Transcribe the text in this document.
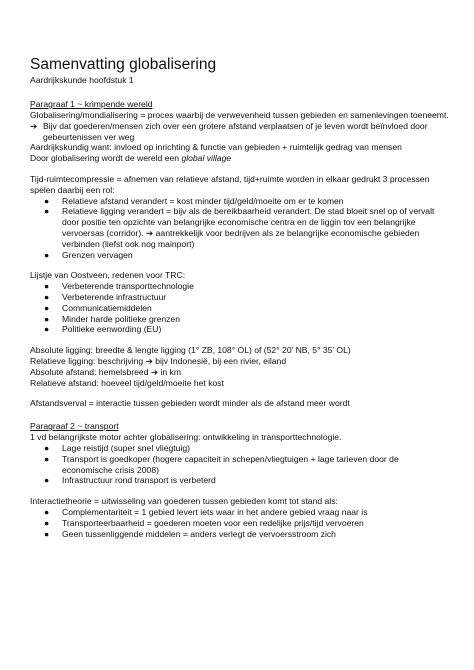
Samenvatting globalisering

Aardrijkskunde hoofdstuk 1

Paragraaf 1 ~ krimpende wereld

Globalisering/mondialisering = proces waarbij de verwevenheid tussen gebieden en samenlevingen toeneemt.

➔ Bijv dat goederen/mensen zich over een grotere afstand verplaatsen of je leven wordt beïnvloed door gebeurtenissen ver weg

Aardrijkskundig want: invloed op inrichting & functie van gebieden + ruimtelijk gedrag van mensen

Door globalisering wordt de wereld een global village

Tijd-ruimtecompressie = afnemen van relatieve afstand, tijd+ruimte worden in elkaar gedrukt 3 processen spelen daarbij een rol:

● Relatieve afstand verandert = kost minder tijd/geld/moeite om er te komen
● Relatieve ligging verandert = bijv als de bereikbaarheid verandert. De stad bloeit snel op of vervalt door positie ten opzichte van belangrijke economische centra en de liggin tov een belangrijke vervoersas (corridor). ➔ aantrekkelijk voor bedrijven als ze belangrijke economische gebieden verbinden (liefst ook nog mainport)
● Grenzen vervagen

Lijstje van Oostveen, redenen voor TRC:

● Verbeterende transporttechnologie
● Verbeterende infrastructuur
● Communicatiemiddelen
● Minder harde politieke grenzen
● Politieke eenwording (EU)

Absolute ligging: breedte & lengte ligging (1° ZB, 108° OL) of (52° 20’ NB, 5° 35’ OL)

Relatieve ligging: beschrijving ➔ bijv Indonesië, bij een rivier, eiland

Absolute afstand: hemelsbreed ➔ in km

Relatieve afstand: hoeveel tijd/geld/moeite het kost

Afstandsverval = interactie tussen gebieden wordt minder als de afstand meer wordt

Paragraaf 2 ~ transport

1 vd belangrijkste motor achter globalisering: ontwikkeling in transporttechnologie.

● Lage reistijd (super snel vliegtuig)
● Transport is goedkoper (hogere capaciteit in schepen/vliegtuigen + lage tarieven door de economische crisis 2008)
● Infrastructuur rond transport is verbeterd

Interactietheorie = uitwisseling van goederen tussen gebieden komt tot stand als:

● Complementariteit = 1 gebied levert iets waar in het andere gebied vraag naar is
● Transporteerbaarheid = goederen moeten voor een redelijke prijs/tijd vervoeren
● Geen tussenliggende middelen = anders verlegt de vervoersstroom zich
